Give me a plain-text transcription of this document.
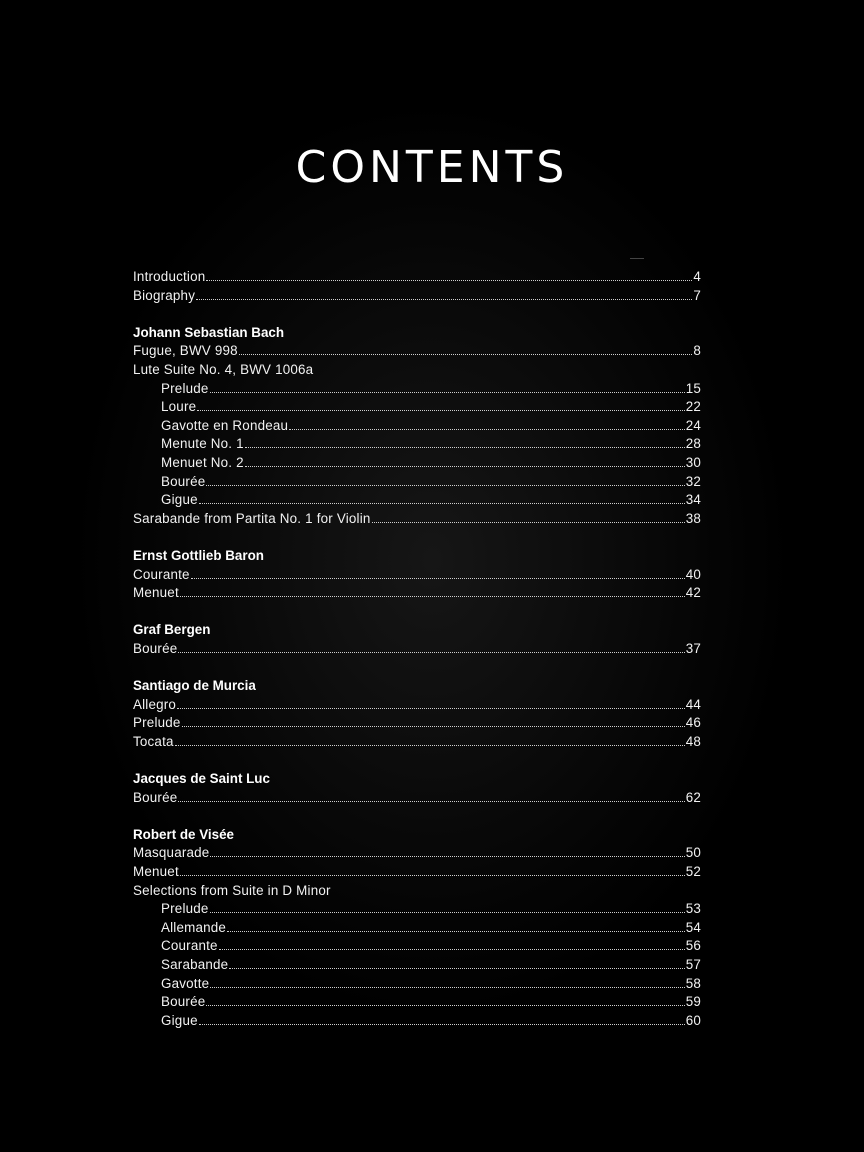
CONTENTS
Introduction	4
Biography	7
Johann Sebastian Bach
Fugue, BWV 998	8
Lute Suite No. 4, BWV 1006a
Prelude	15
Loure	22
Gavotte en Rondeau	24
Menute No. 1	28
Menuet No. 2	30
Bourée	32
Gigue	34
Sarabande from Partita No. 1 for Violin	38
Ernst Gottlieb Baron
Courante	40
Menuet	42
Graf Bergen
Bourée	37
Santiago de Murcia
Allegro	44
Prelude	46
Tocata	48
Jacques de Saint Luc
Bourée	62
Robert de Visée
Masquarade	50
Menuet	52
Selections from Suite in D Minor
Prelude	53
Allemande	54
Courante	56
Sarabande	57
Gavotte	58
Bourée	59
Gigue	60
